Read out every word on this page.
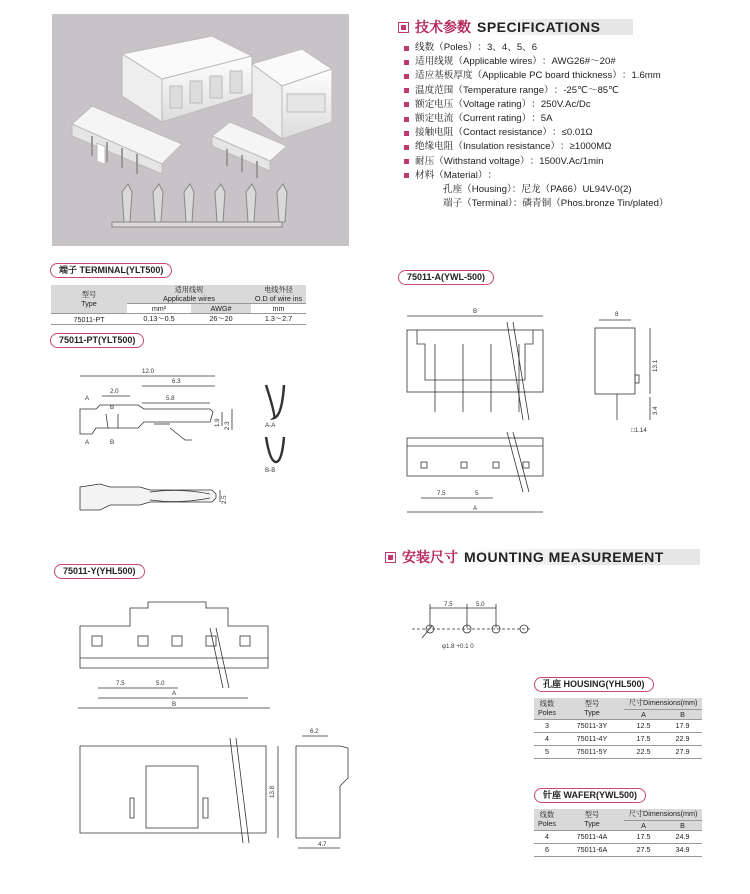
技术参数 SPECIFICATIONS
线数（Poles） ：3、4、5、6
适用线规（Applicable wires） ：AWG26#～20#
适应基板厚度（Applicable PC board thickness） ：1.6mm
温度范围（Temperature range） ：-25℃～85℃
额定电压（Voltage rating） ：250V.Ac/Dc
额定电流（Current rating） ：5A
接触电阻（Contact resistance） ：≤0.01Ω
绝缘电阻（Insulation resistance） ：≥1000MΩ
耐压（Withstand voltage） ：1500V.Ac/1min
材料（Material） ：
孔座（Housing）：尼龙（PA66）UL94V-0(2)
端子（Terminal）：磷青铜（Phos.bronze Tin/plated）
端子 TERMINAL(YLT500)
型号
Type	适用线规
Applicable wires		电线外径
O.D of wire ins
	mm²	AWG#	mm
75011-PT	0.13～0.5	26～20	1.3～2.7
75011-PT(YLT500)
12.0
6.3
2.0
5.8
A
B
A	B
1.9 2.3
2.5
A-A
B-B
75011-A(YWL-500)
B	8
13.1
3.4
□1.14
7.5	5
A
安装尺寸 MOUNTING MEASUREMENT
7.5	5.0
φ1.8 +0.1 0
75011-Y(YHL500)
7.5	5.0
A
B
6.2
13.8
4.7
孔座 HOUSING(YHL500)
线数
Poles	型号
Type	尺寸Dimensions(mm)	
		A	B
3	75011-3Y	12.5	17.9
4	75011-4Y	17.5	22.9
5	75011-5Y	22.5	27.9
针座 WAFER(YWL500)
线数
Poles	型号
Type	尺寸Dimensions(mm)	
		A	B
4	75011-4A	17.5	24.9
6	75011-6A	27.5	34.9
